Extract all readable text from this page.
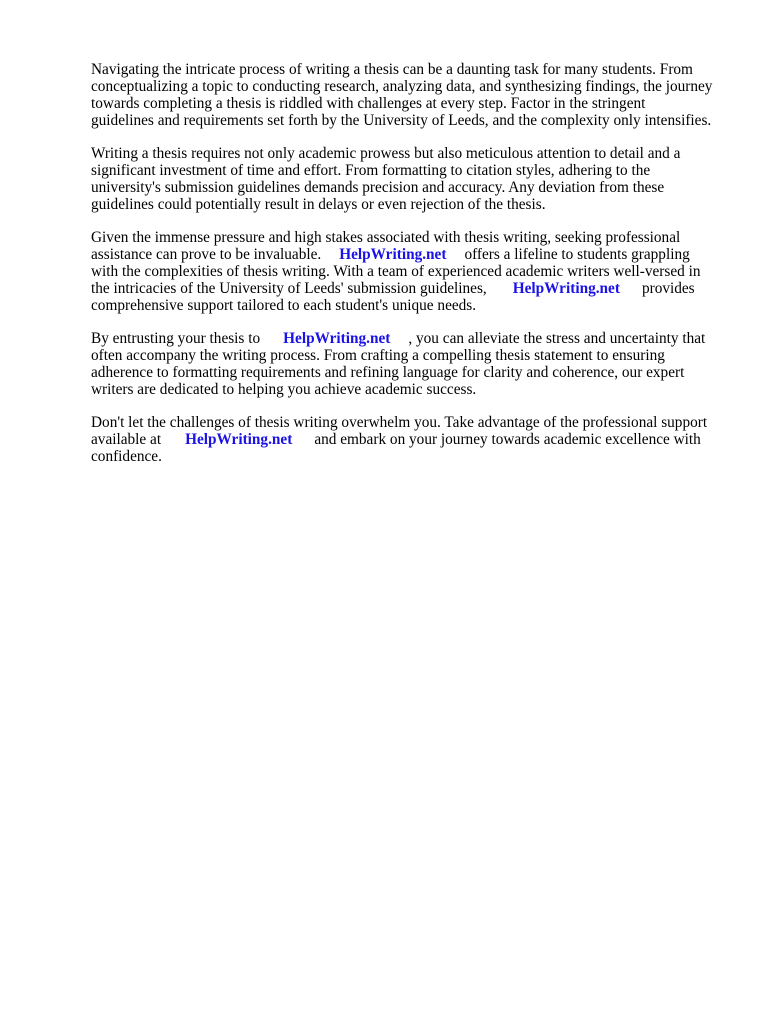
Navigating the intricate process of writing a thesis can be a daunting task for many students. From
conceptualizing a topic to conducting research, analyzing data, and synthesizing findings, the journey
towards completing a thesis is riddled with challenges at every step. Factor in the stringent
guidelines and requirements set forth by the University of Leeds, and the complexity only intensifies.

Writing a thesis requires not only academic prowess but also meticulous attention to detail and a
significant investment of time and effort. From formatting to citation styles, adhering to the
university's submission guidelines demands precision and accuracy. Any deviation from these
guidelines could potentially result in delays or even rejection of the thesis.

Given the immense pressure and high stakes associated with thesis writing, seeking professional
assistance can prove to be invaluable. HelpWriting.net offers a lifeline to students grappling
with the complexities of thesis writing. With a team of experienced academic writers well-versed in
the intricacies of the University of Leeds' submission guidelines, HelpWriting.net provides
comprehensive support tailored to each student's unique needs.

By entrusting your thesis to HelpWriting.net , you can alleviate the stress and uncertainty that
often accompany the writing process. From crafting a compelling thesis statement to ensuring
adherence to formatting requirements and refining language for clarity and coherence, our expert
writers are dedicated to helping you achieve academic success.

Don't let the challenges of thesis writing overwhelm you. Take advantage of the professional support
available at HelpWriting.net and embark on your journey towards academic excellence with
confidence.
